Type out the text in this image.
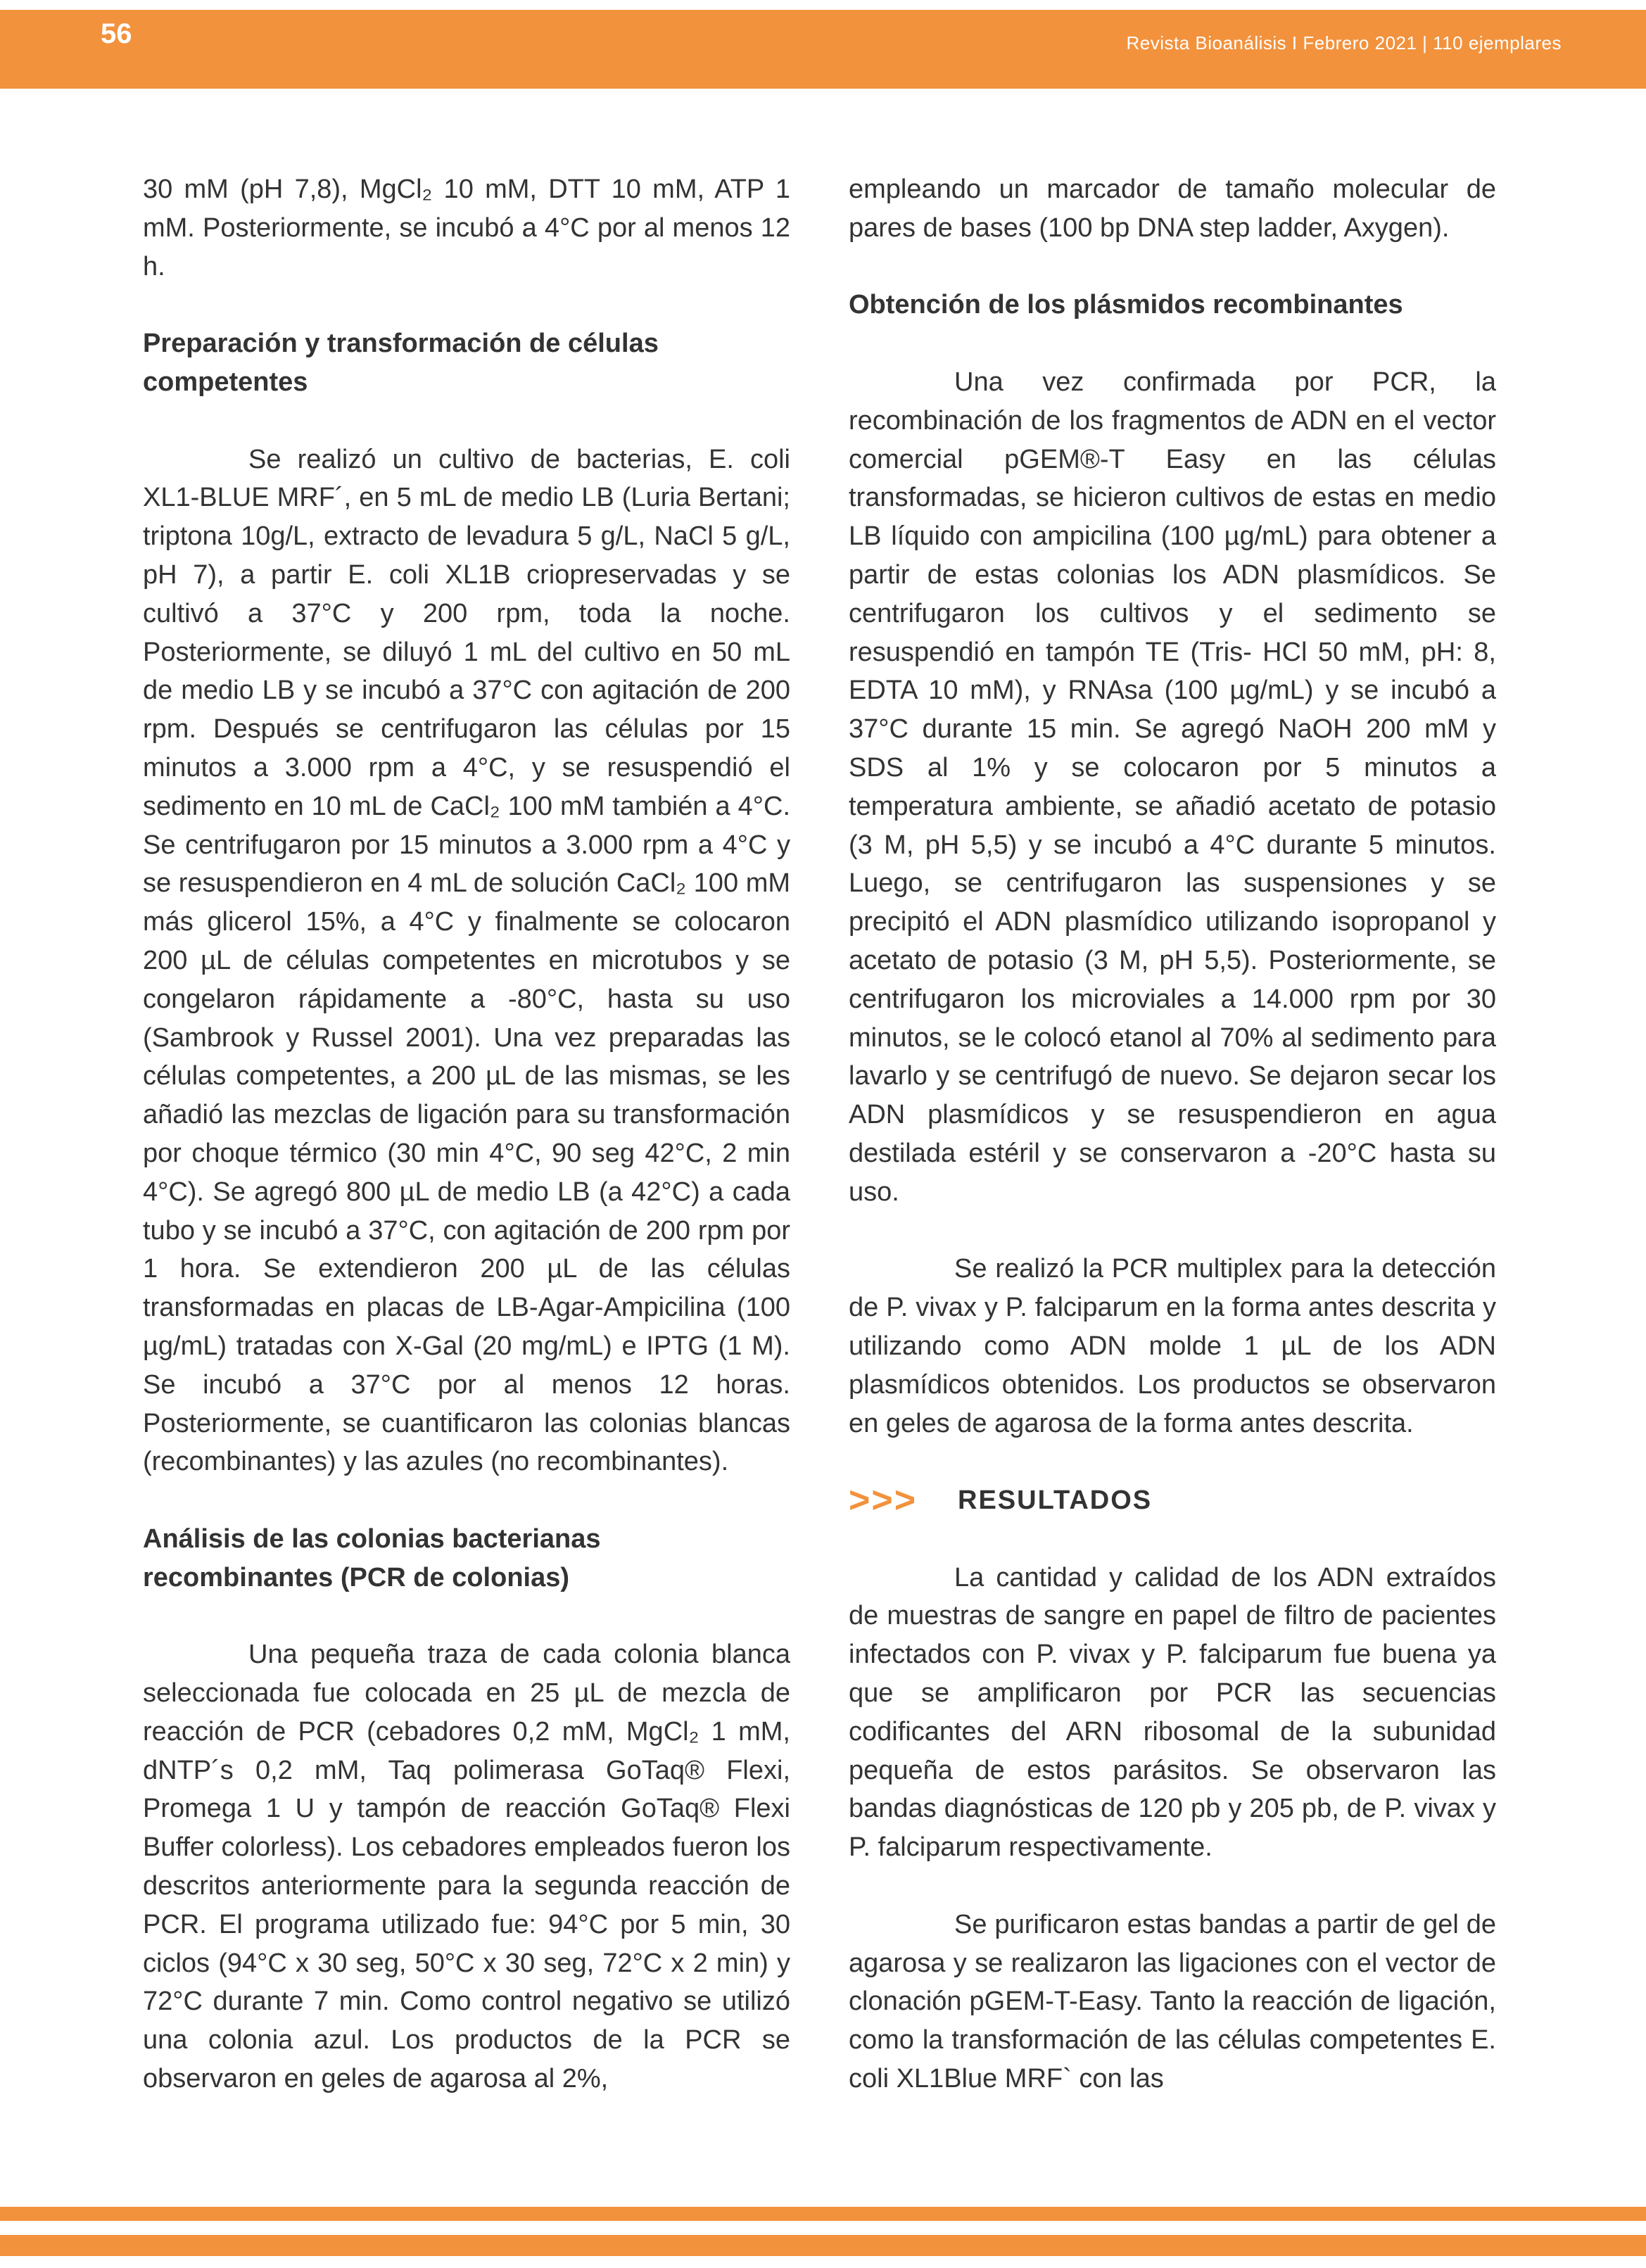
56	Revista Bioanálisis I Febrero 2021 | 110 ejemplares

30 mM (pH 7,8), MgCl₂ 10 mM, DTT 10 mM, ATP 1 mM. Posteriormente, se incubó a 4°C por al menos 12 h.

Preparación y transformación de células competentes

Se realizó un cultivo de bacterias, E. coli XL1-BLUE MRF´, en 5 mL de medio LB (Luria Bertani; triptona 10g/L, extracto de levadura 5 g/L, NaCl 5 g/L, pH 7), a partir E. coli XL1B criopreservadas y se cultivó a 37°C y 200 rpm, toda la noche. Posteriormente, se diluyó 1 mL del cultivo en 50 mL de medio LB y se incubó a 37°C con agitación de 200 rpm. Después se centrifugaron las células por 15 minutos a 3.000 rpm a 4°C, y se resuspendió el sedimento en 10 mL de CaCl₂ 100 mM también a 4°C. Se centrifugaron por 15 minutos a 3.000 rpm a 4°C y se resuspendieron en 4 mL de solución CaCl₂ 100 mM más glicerol 15%, a 4°C y finalmente se colocaron 200 µL de células competentes en microtubos y se congelaron rápidamente a -80°C, hasta su uso (Sambrook y Russel 2001). Una vez preparadas las células competentes, a 200 µL de las mismas, se les añadió las mezclas de ligación para su transformación por choque térmico (30 min 4°C, 90 seg 42°C, 2 min 4°C). Se agregó 800 µL de medio LB (a 42°C) a cada tubo y se incubó a 37°C, con agitación de 200 rpm por 1 hora. Se extendieron 200 µL de las células transformadas en placas de LB-Agar-Ampicilina (100 µg/mL) tratadas con X-Gal (20 mg/mL) e IPTG (1 M). Se incubó a 37°C por al menos 12 horas. Posteriormente, se cuantificaron las colonias blancas (recombinantes) y las azules (no recombinantes).

Análisis de las colonias bacterianas recombinantes (PCR de colonias)

Una pequeña traza de cada colonia blanca seleccionada fue colocada en 25 µL de mezcla de reacción de PCR (cebadores 0,2 mM, MgCl₂ 1 mM, dNTP´s 0,2 mM, Taq polimerasa GoTaq® Flexi, Promega 1 U y tampón de reacción GoTaq® Flexi Buffer colorless). Los cebadores empleados fueron los descritos anteriormente para la segunda reacción de PCR. El programa utilizado fue: 94°C por 5 min, 30 ciclos (94°C x 30 seg, 50°C x 30 seg, 72°C x 2 min) y 72°C durante 7 min. Como control negativo se utilizó una colonia azul. Los productos de la PCR se observaron en geles de agarosa al 2%,

empleando un marcador de tamaño molecular de pares de bases (100 bp DNA step ladder, Axygen).

Obtención de los plásmidos recombinantes

Una vez confirmada por PCR, la recombinación de los fragmentos de ADN en el vector comercial pGEM®-T Easy en las células transformadas, se hicieron cultivos de estas en medio LB líquido con ampicilina (100 µg/mL) para obtener a partir de estas colonias los ADN plasmídicos. Se centrifugaron los cultivos y el sedimento se resuspendió en tampón TE (Tris- HCl 50 mM, pH: 8, EDTA 10 mM), y RNAsa (100 µg/mL) y se incubó a 37°C durante 15 min. Se agregó NaOH 200 mM y SDS al 1% y se colocaron por 5 minutos a temperatura ambiente, se añadió acetato de potasio (3 M, pH 5,5) y se incubó a 4°C durante 5 minutos. Luego, se centrifugaron las suspensiones y se precipitó el ADN plasmídico utilizando isopropanol y acetato de potasio (3 M, pH 5,5). Posteriormente, se centrifugaron los microviales a 14.000 rpm por 30 minutos, se le colocó etanol al 70% al sedimento para lavarlo y se centrifugó de nuevo. Se dejaron secar los ADN plasmídicos y se resuspendieron en agua destilada estéril y se conservaron a -20°C hasta su uso.

Se realizó la PCR multiplex para la detección de P. vivax y P. falciparum en la forma antes descrita y utilizando como ADN molde 1 µL de los ADN plasmídicos obtenidos. Los productos se observaron en geles de agarosa de la forma antes descrita.

>>>	RESULTADOS

La cantidad y calidad de los ADN extraídos de muestras de sangre en papel de filtro de pacientes infectados con P. vivax y P. falciparum fue buena ya que se amplificaron por PCR las secuencias codificantes del ARN ribosomal de la subunidad pequeña de estos parásitos. Se observaron las bandas diagnósticas de 120 pb y 205 pb, de P. vivax y P. falciparum respectivamente.

Se purificaron estas bandas a partir de gel de agarosa y se realizaron las ligaciones con el vector de clonación pGEM-T-Easy. Tanto la reacción de ligación, como la transformación de las células competentes E. coli XL1Blue MRF` con las
